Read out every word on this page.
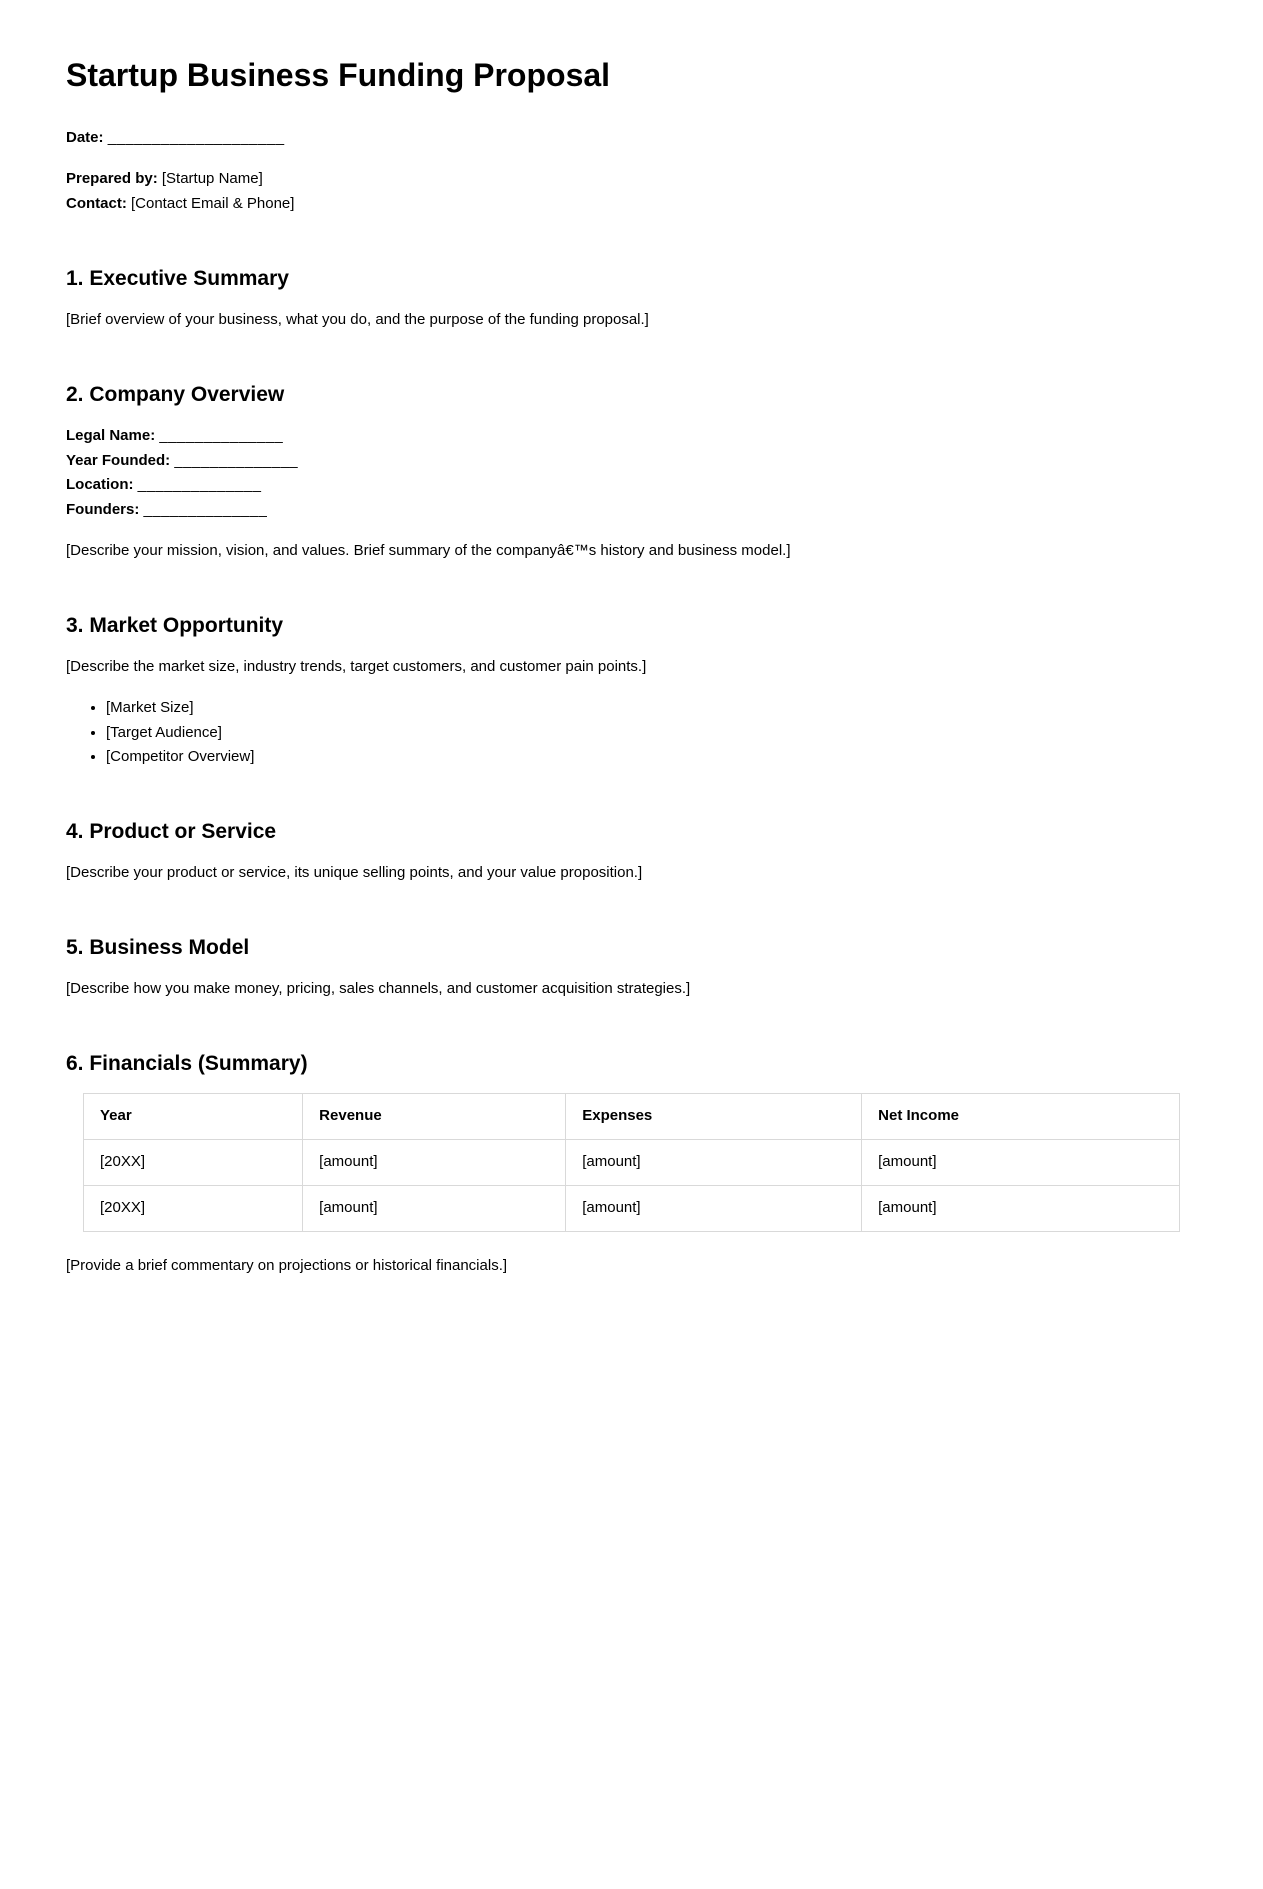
Startup Business Funding Proposal

Date: ____________________

Prepared by: [Startup Name]
Contact: [Contact Email & Phone]

1. Executive Summary

[Brief overview of your business, what you do, and the purpose of the funding proposal.]

2. Company Overview

Legal Name: ______________
Year Founded: ______________
Location: ______________
Founders: ______________

[Describe your mission, vision, and values. Brief summary of the companyâ€™s history and business model.]

3. Market Opportunity

[Describe the market size, industry trends, target customers, and customer pain points.]

• [Market Size]
• [Target Audience]
• [Competitor Overview]
4. Product or Service

[Describe your product or service, its unique selling points, and your value proposition.]

5. Business Model

[Describe how you make money, pricing, sales channels, and customer acquisition strategies.]

6. Financials (Summary)
Year	Revenue	Expenses	Net Income
[20XX]	[amount]	[amount]	[amount]
[20XX]	[amount]	[amount]	[amount]

[Provide a brief commentary on projections or historical financials.]
